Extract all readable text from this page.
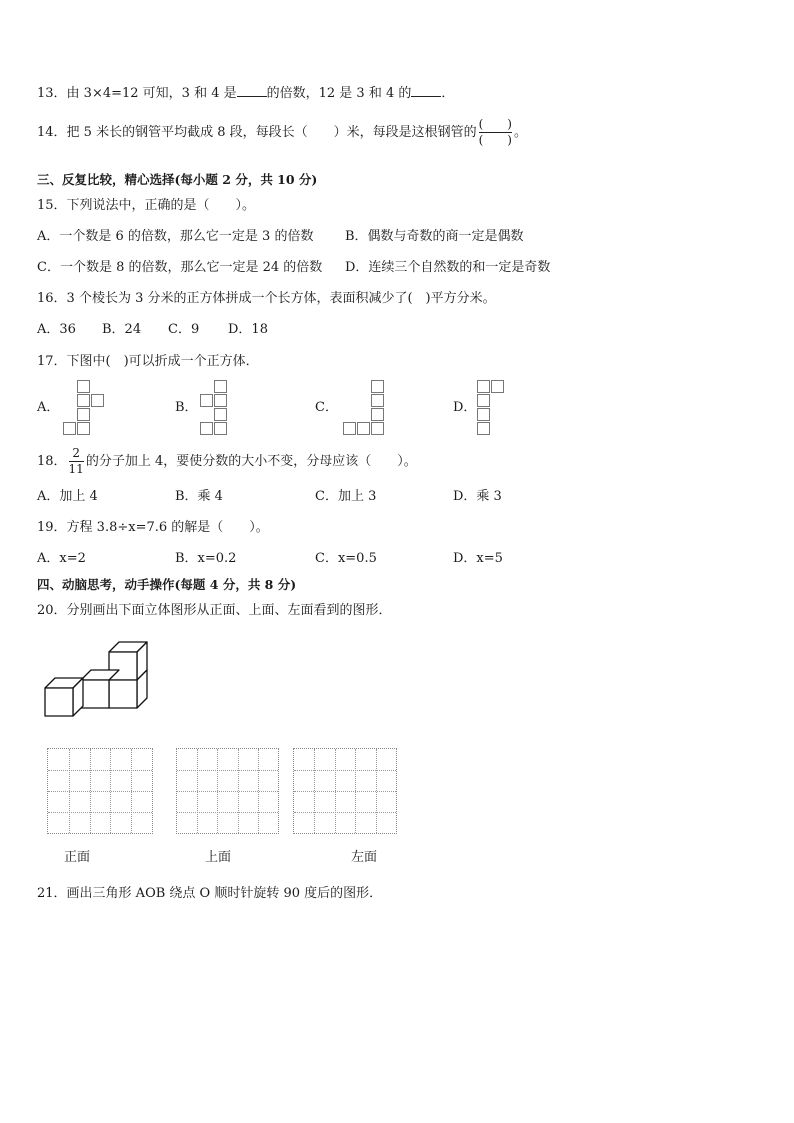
13．由 3×4=12 可知，3 和 4 是 的倍数，12 是 3 和 4 的 ．
14．把 5 米长的钢管平均截成 8 段，每段长（　　）米，每段是这根钢管的 $\frac{( )}{( )}$ 。
三、反复比较，精心选择(每小题 2 分，共 10 分)
15．下列说法中，正确的是（　　）。
A．一个数是 6 的倍数，那么它一定是 3 的倍数 B．偶数与奇数的商一定是偶数
C．一个数是 8 的倍数，那么它一定是 24 的倍数 D．连续三个自然数的和一定是奇数
16．3 个棱长为 3 分米的正方体拼成一个长方体，表面积减少了(　)平方分米。
A．36 B．24 C．9 D．18
17．下图中(　)可以折成一个正方体．
A．	B．	C．	D．
18． $\frac{2}{11}$ 的分子加上 4，要使分数的大小不变，分母应该（　　）。
A．加上 4	B．乘 4	C．加上 3	D．乘 3
19．方程 3.8÷x=7.6 的解是（　　）。
A．x=2	B．x=0.2	C．x=0.5	D．x=5
四、动脑思考，动手操作(每题 4 分，共 8 分)
20．分别画出下面立体图形从正面、上面、左面看到的图形．
正面	上面	左面
21．画出三角形 AOB 绕点 O 顺时针旋转 90 度后的图形．
